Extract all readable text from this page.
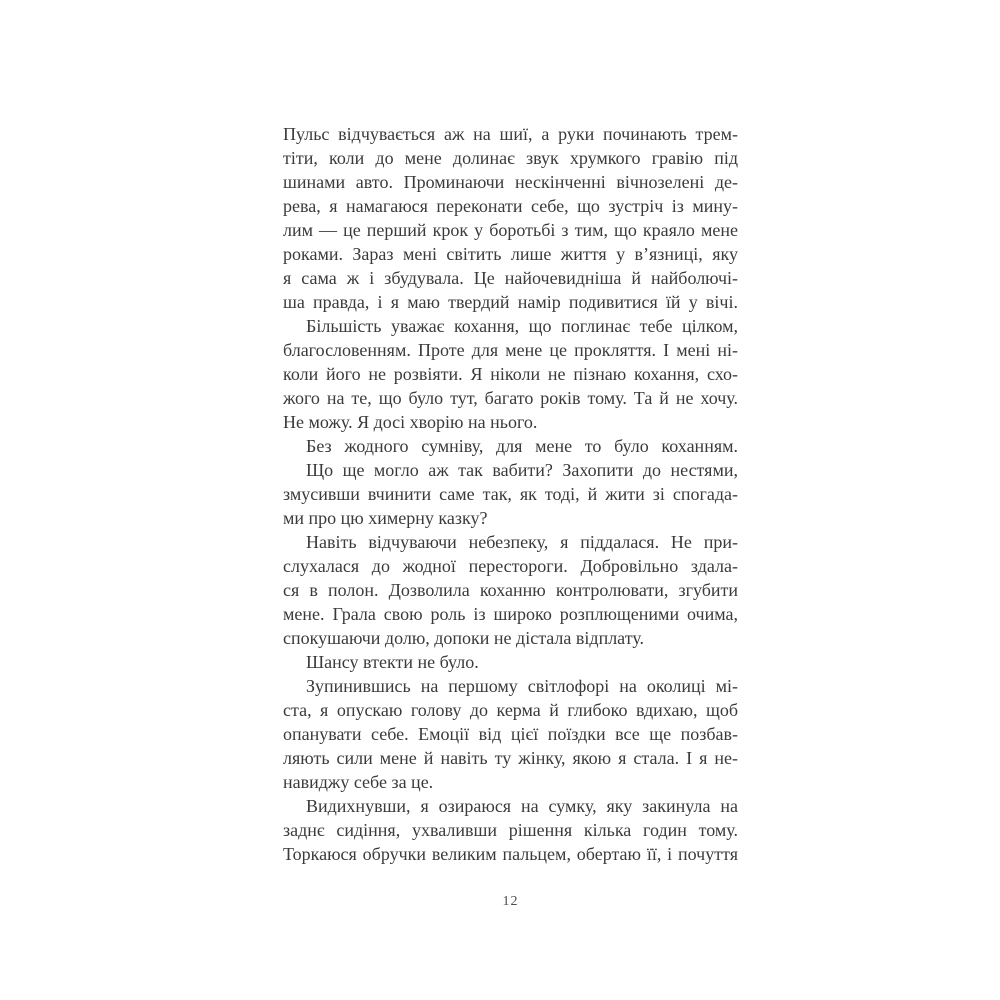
Пульс відчувається аж на шиї, а руки починають трем-
тіти, коли до мене долинає звук хрумкого гравію під
шинами авто. Проминаючи нескінченні вічнозелені де-
рева, я намагаюся переконати себе, що зустріч із мину-
лим — це перший крок у боротьбі з тим, що краяло мене
роками. Зараз мені світить лише життя у в’язниці, яку
я сама ж і збудувала. Це найочевидніша й найболючі-
ша правда, і я маю твердий намір подивитися їй у вічі.
Більшість уважає кохання, що поглинає тебе цілком,
благословенням. Проте для мене це прокляття. І мені ні-
коли його не розвіяти. Я ніколи не пізнаю кохання, схо-
жого на те, що було тут, багато років тому. Та й не хочу.
Не можу. Я досі хворію на нього.
Без жодного сумніву, для мене то було коханням.
Що ще могло аж так вабити? Захопити до нестями,
змусивши вчинити саме так, як тоді, й жити зі спогада-
ми про цю химерну казку?
Навіть відчуваючи небезпеку, я піддалася. Не при-
слухалася до жодної перестороги. Добровільно здала-
ся в полон. Дозволила коханню контролювати, згубити
мене. Грала свою роль із широко розплющеними очима,
спокушаючи долю, допоки не дістала відплату.
Шансу втекти не було.
Зупинившись на першому світлофорі на околиці мі-
ста, я опускаю голову до керма й глибоко вдихаю, щоб
опанувати себе. Емоції від цієї поїздки все ще позбав-
ляють сили мене й навіть ту жінку, якою я стала. І я не-
навиджу себе за це.
Видихнувши, я озираюся на сумку, яку закинула на
заднє сидіння, ухваливши рішення кілька годин тому.
Торкаюся обручки великим пальцем, обертаю її, і почуття
12
